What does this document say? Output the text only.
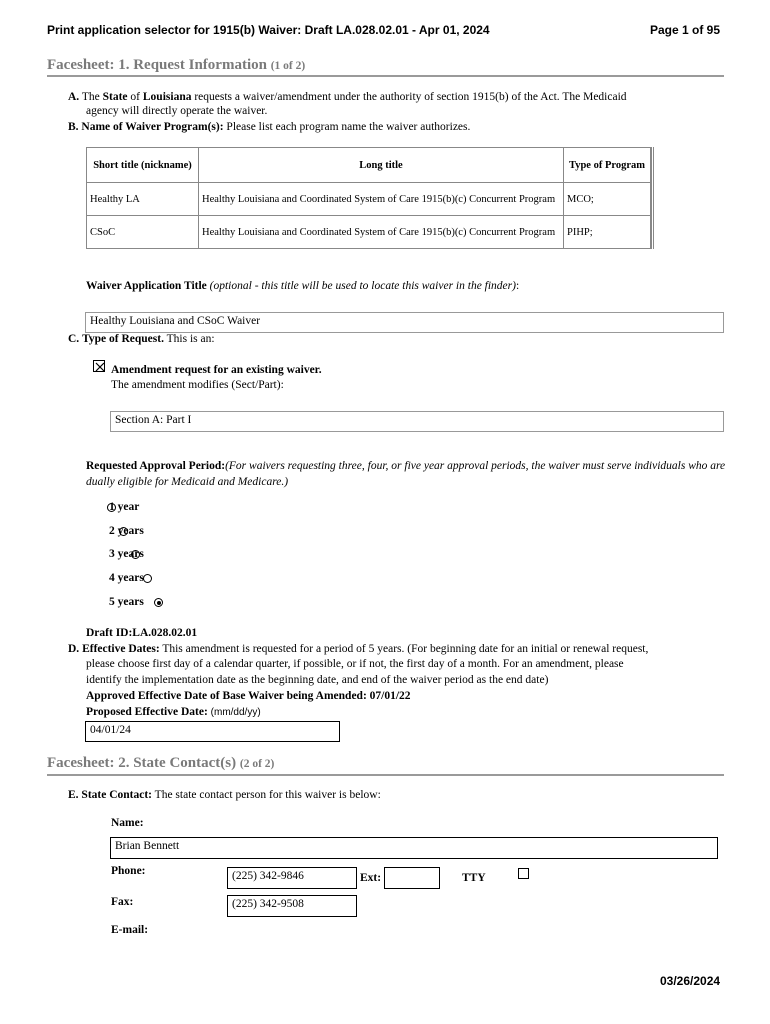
Print application selector for 1915(b) Waiver: Draft LA.028.02.01 - Apr 01, 2024	Page 1 of 95
Facesheet: 1. Request Information (1 of 2)
A. The State of Louisiana requests a waiver/amendment under the authority of section 1915(b) of the Act. The Medicaid
agency will directly operate the waiver.
B. Name of Waiver Program(s): Please list each program name the waiver authorizes.
Short title (nickname)	Long title	Type of Program
Healthy LA	Healthy Louisiana and Coordinated System of Care 1915(b)(c) Concurrent Program	MCO;
CSoC	Healthy Louisiana and Coordinated System of Care 1915(b)(c) Concurrent Program	PIHP;
Waiver Application Title (optional - this title will be used to locate this waiver in the finder):
Healthy Louisiana and CSoC Waiver
C. Type of Request. This is an:

Amendment request for an existing waiver.
The amendment modifies (Sect/Part):
Section A: Part I
Requested Approval Period:(For waivers requesting three, four, or five year approval periods, the waiver must serve individuals who are dually eligible for Medicaid and Medicare.)

1 year

2 years

3 years

4 years

5 years
Draft ID:LA.028.02.01
D. Effective Dates: This amendment is requested for a period of 5 years. (For beginning date for an initial or renewal request,
please choose first day of a calendar quarter, if possible, or if not, the first day of a month. For an amendment, please
identify the implementation date as the beginning date, and end of the waiver period as the end date)
Approved Effective Date of Base Waiver being Amended: 07/01/22
Proposed Effective Date: (mm/dd/yy)
04/01/24
Facesheet: 2. State Contact(s) (2 of 2)
E. State Contact: The state contact person for this waiver is below:
Name:
Brian Bennett
Phone:	(225) 342-9846	Ext:	TTY
Fax:	(225) 342-9508
E-mail:
03/26/2024
